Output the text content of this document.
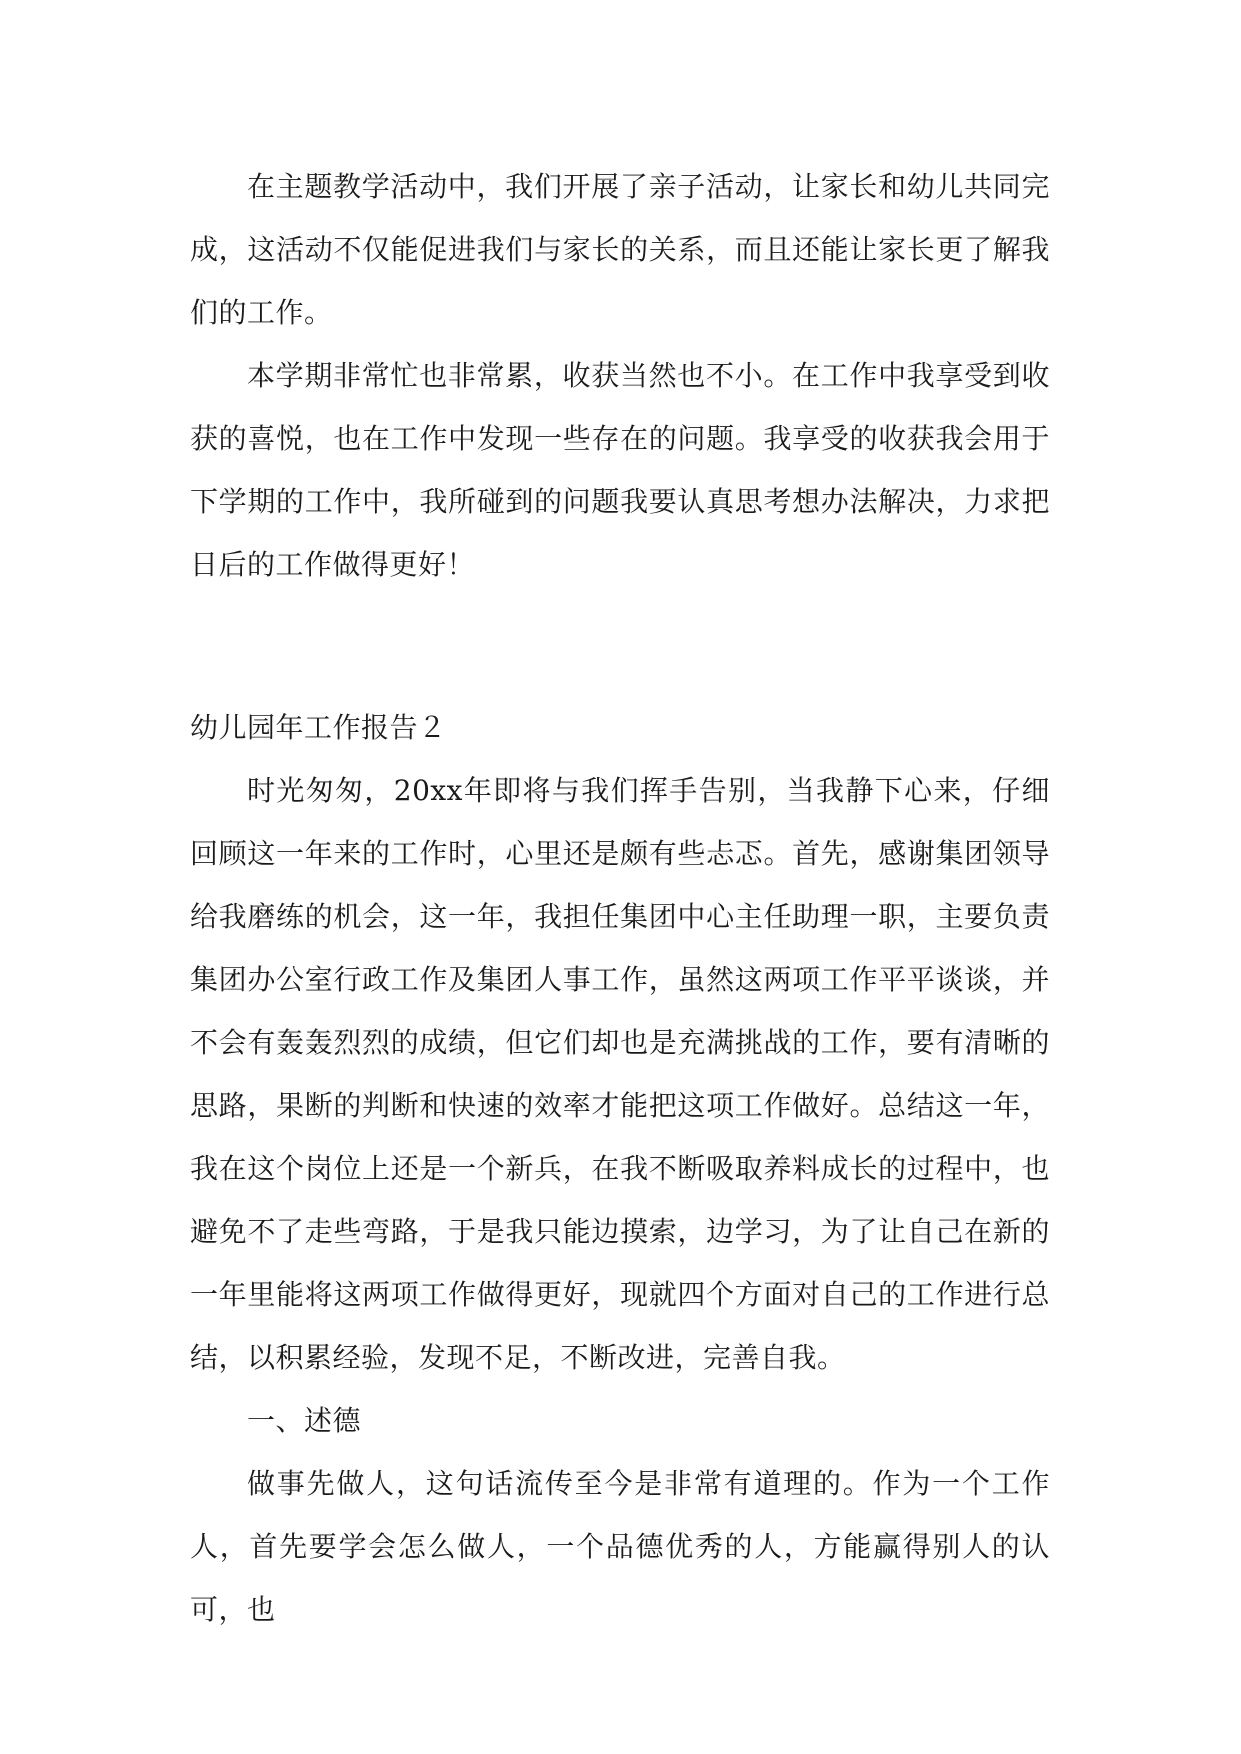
在主题教学活动中，我们开展了亲子活动，让家长和幼儿共同完成，这活动不仅能促进我们与家长的关系，而且还能让家长更了解我们的工作。

本学期非常忙也非常累，收获当然也不小。在工作中我享受到收获的喜悦，也在工作中发现一些存在的问题。我享受的收获我会用于下学期的工作中，我所碰到的问题我要认真思考想办法解决，力求把日后的工作做得更好！

幼儿园年工作报告２

时光匆匆，20xx年即将与我们挥手告别，当我静下心来，仔细回顾这一年来的工作时，心里还是颇有些忐忑。首先，感谢集团领导给我磨练的机会，这一年，我担任集团中心主任助理一职，主要负责集团办公室行政工作及集团人事工作，虽然这两项工作平平谈谈，并不会有轰轰烈烈的成绩，但它们却也是充满挑战的工作，要有清晰的思路，果断的判断和快速的效率才能把这项工作做好。总结这一年，我在这个岗位上还是一个新兵，在我不断吸取养料成长的过程中，也避免不了走些弯路，于是我只能边摸索，边学习，为了让自己在新的一年里能将这两项工作做得更好，现就四个方面对自己的工作进行总结，以积累经验，发现不足，不断改进，完善自我。

一、述德

做事先做人，这句话流传至今是非常有道理的。作为一个工作人，首先要学会怎么做人，一个品德优秀的人，方能赢得别人的认可，也
